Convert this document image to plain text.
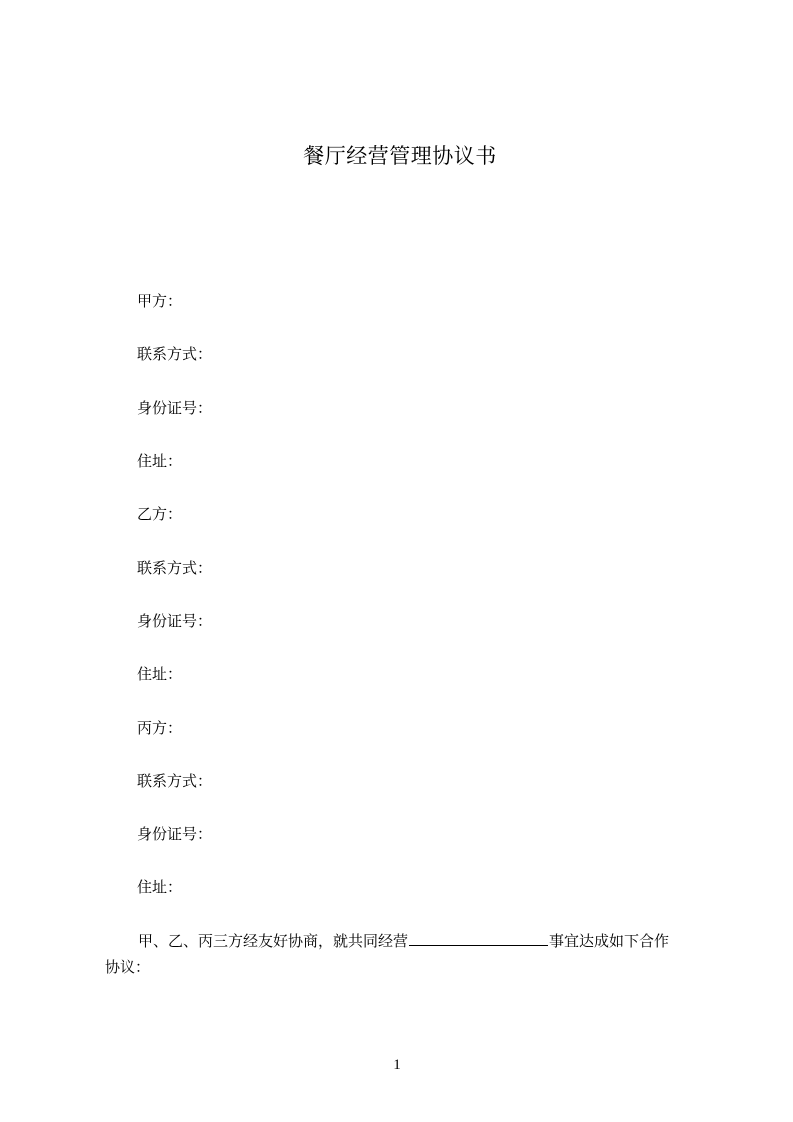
餐厅经营管理协议书
甲方：
联系方式：
身份证号：
住址：
乙方：
联系方式：
身份证号：
住址：
丙方：
联系方式：
身份证号：
住址：
甲、乙、丙三方经友好协商，就共同经营	事宜达成如下合作
协议：
1
